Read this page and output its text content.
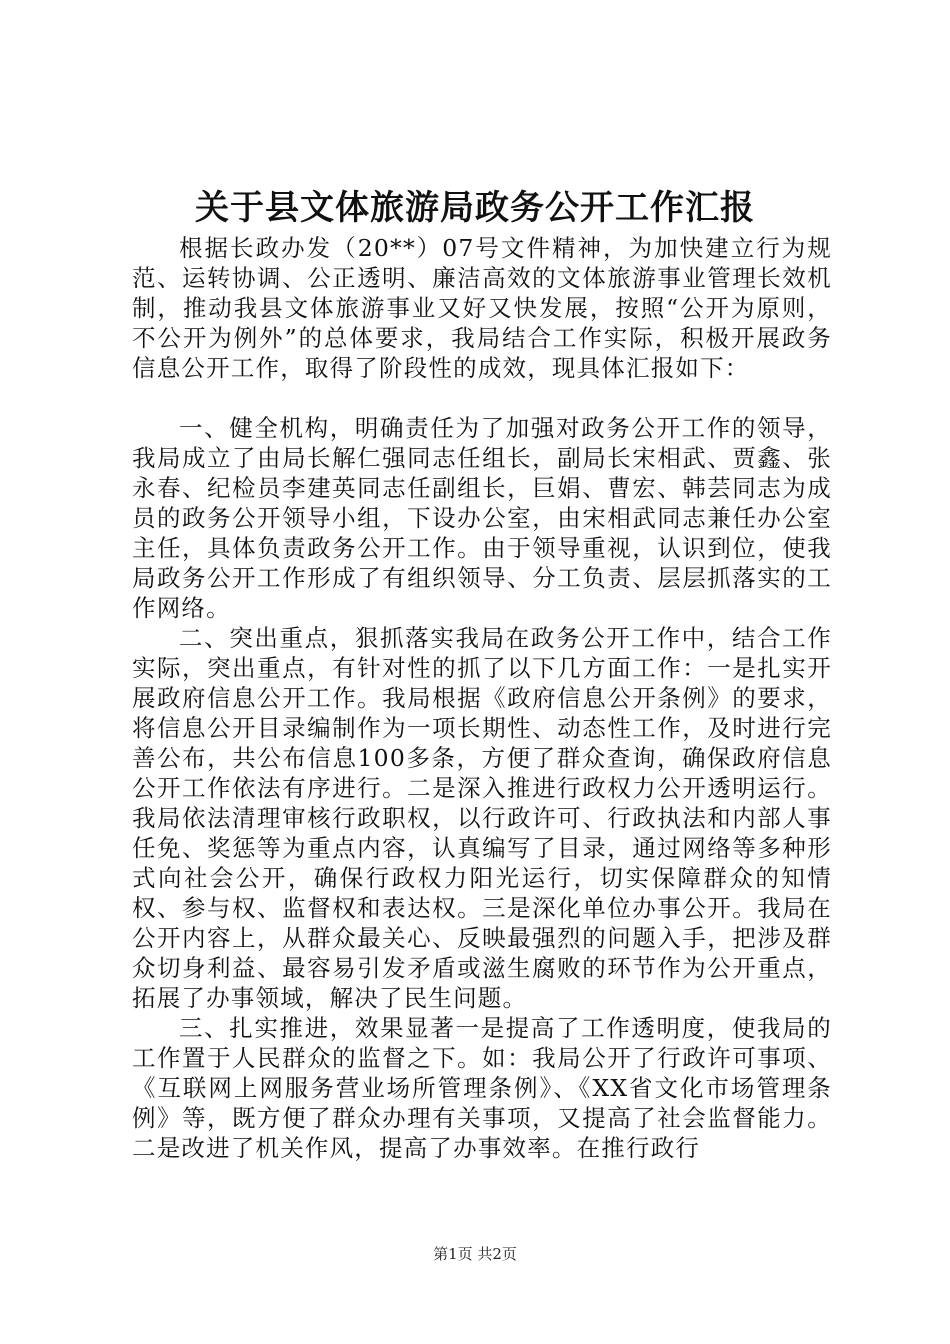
关于县文体旅游局政务公开工作汇报

根据长政办发（20**）07号文件精神，为加快建立行为规范、运转协调、公正透明、廉洁高效的文体旅游事业管理长效机制，推动我县文体旅游事业又好又快发展，按照“公开为原则，不公开为例外”的总体要求，我局结合工作实际，积极开展政务信息公开工作，取得了阶段性的成效，现具体汇报如下：

一、健全机构，明确责任为了加强对政务公开工作的领导，我局成立了由局长解仁强同志任组长，副局长宋相武、贾鑫、张永春、纪检员李建英同志任副组长，巨娟、曹宏、韩芸同志为成员的政务公开领导小组，下设办公室，由宋相武同志兼任办公室主任，具体负责政务公开工作。由于领导重视，认识到位，使我局政务公开工作形成了有组织领导、分工负责、层层抓落实的工作网络。

二、突出重点，狠抓落实我局在政务公开工作中，结合工作实际，突出重点，有针对性的抓了以下几方面工作：一是扎实开展政府信息公开工作。我局根据《政府信息公开条例》的要求，将信息公开目录编制作为一项长期性、动态性工作，及时进行完善公布，共公布信息100多条，方便了群众查询，确保政府信息公开工作依法有序进行。二是深入推进行政权力公开透明运行。我局依法清理审核行政职权，以行政许可、行政执法和内部人事任免、奖惩等为重点内容，认真编写了目录，通过网络等多种形式向社会公开，确保行政权力阳光运行，切实保障群众的知情权、参与权、监督权和表达权。三是深化单位办事公开。我局在公开内容上，从群众最关心、反映最强烈的问题入手，把涉及群众切身利益、最容易引发矛盾或滋生腐败的环节作为公开重点，拓展了办事领域，解决了民生问题。

三、扎实推进，效果显著一是提高了工作透明度，使我局的工作置于人民群众的监督之下。如：我局公开了行政许可事项、《互联网上网服务营业场所管理条例》、《XX省文化市场管理条例》等，既方便了群众办理有关事项，又提高了社会监督能力。二是改进了机关作风，提高了办事效率。在推行政行

第1页 共2页
